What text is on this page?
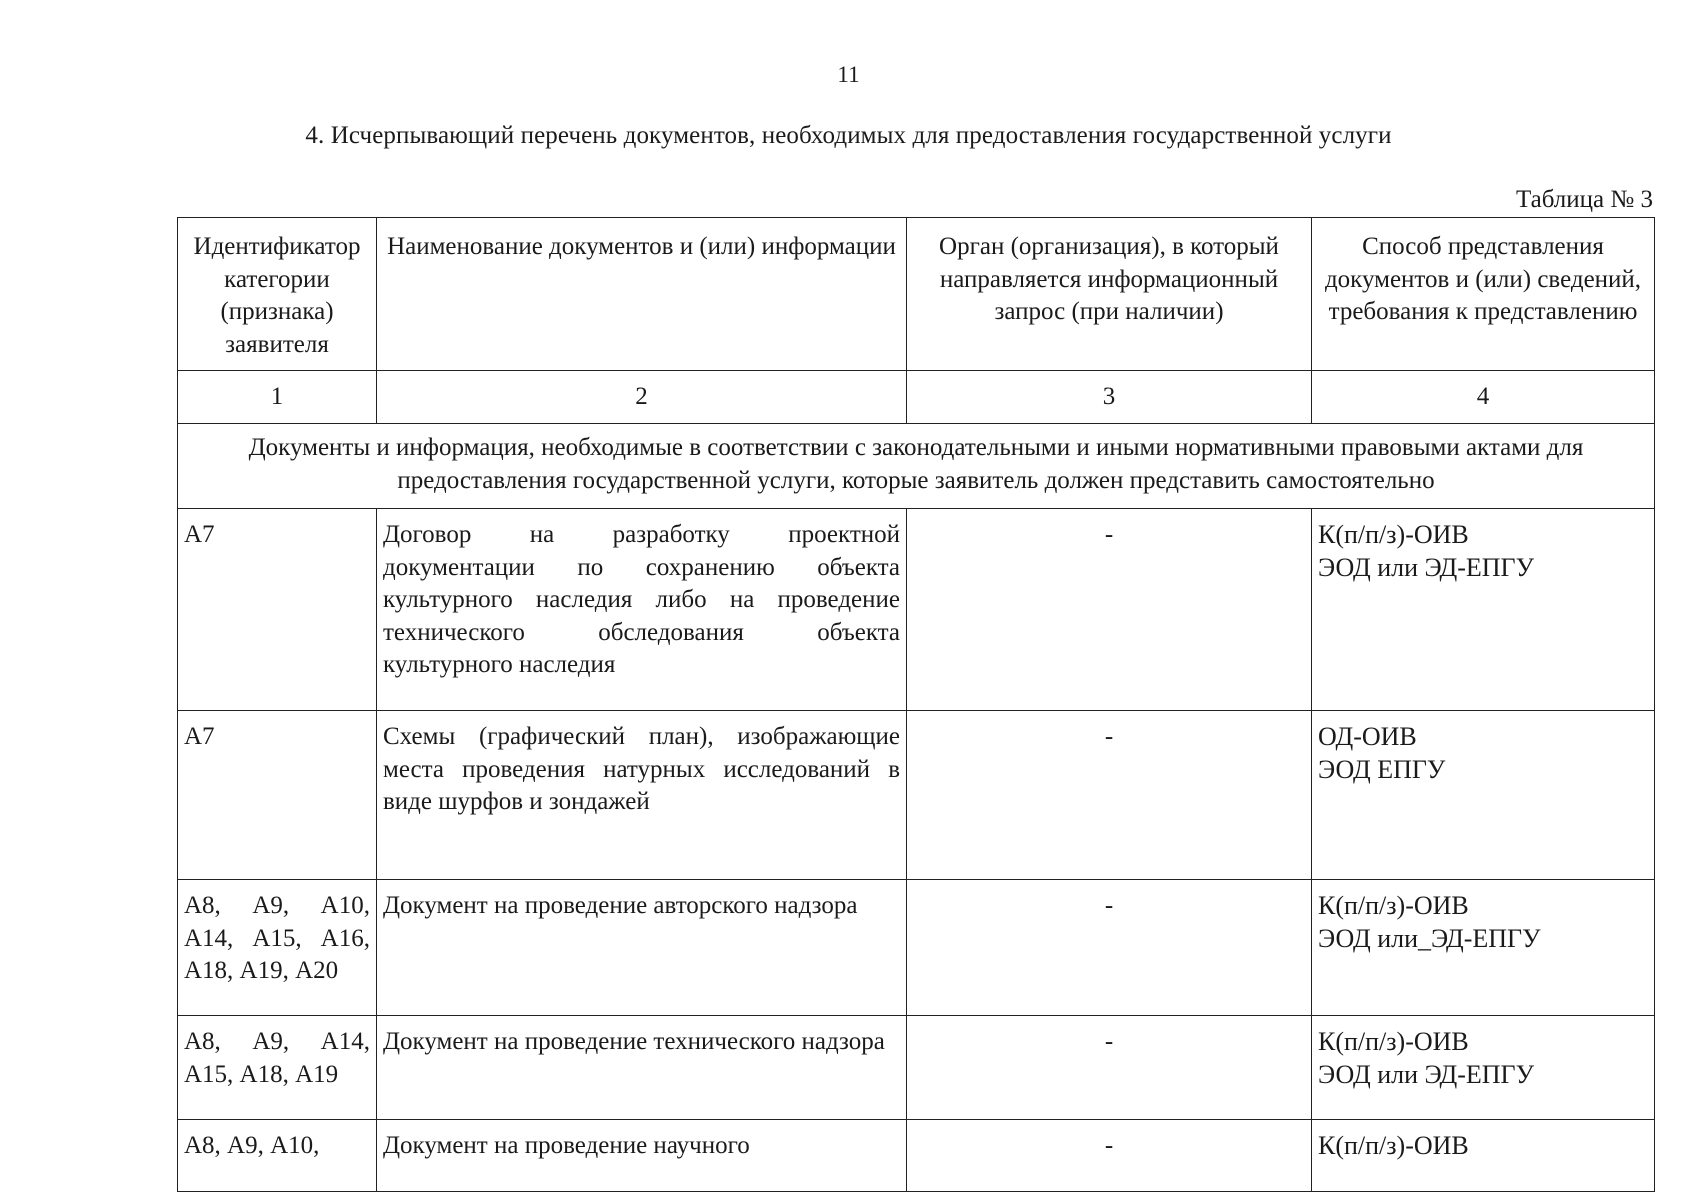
11
4. Исчерпывающий перечень документов, необходимых для предоставления государственной услуги
Таблица № 3
Идентификатор категории (признака) заявителя	Наименование документов и (или) информации	Орган (организация), в который направляется информационный запрос (при наличии)	Способ представления документов и (или) сведений, требования к представлению
1	2	3	4
Документы и информация, необходимые в соответствии с законодательными и иными нормативными правовыми актами для предоставления государственной услуги, которые заявитель должен представить самостоятельно			
А7	Договор на разработку проектной документации по сохранению объекта культурного наследия либо на проведение технического обследования объекта культурного наследия	-	К(п/п/з)-ОИВ
ЭОД или ЭД-ЕПГУ

А7	Схемы (графический план), изображающие места проведения натурных исследований в виде шурфов и зондажей	-	ОД-ОИВ
ЭОД ЕПГУ

А8, А9, А10, А14, А15, А16, А18, А19, А20	Документ на проведение авторского надзора	-	К(п/п/з)-ОИВ
ЭОД или_ЭД-ЕПГУ

А8, А9, А14, А15, А18, А19	Документ на проведение технического надзора	-	К(п/п/з)-ОИВ
ЭОД или ЭД-ЕПГУ

А8, А9, А10,	Документ на проведение научного	-	К(п/п/з)-ОИВ
